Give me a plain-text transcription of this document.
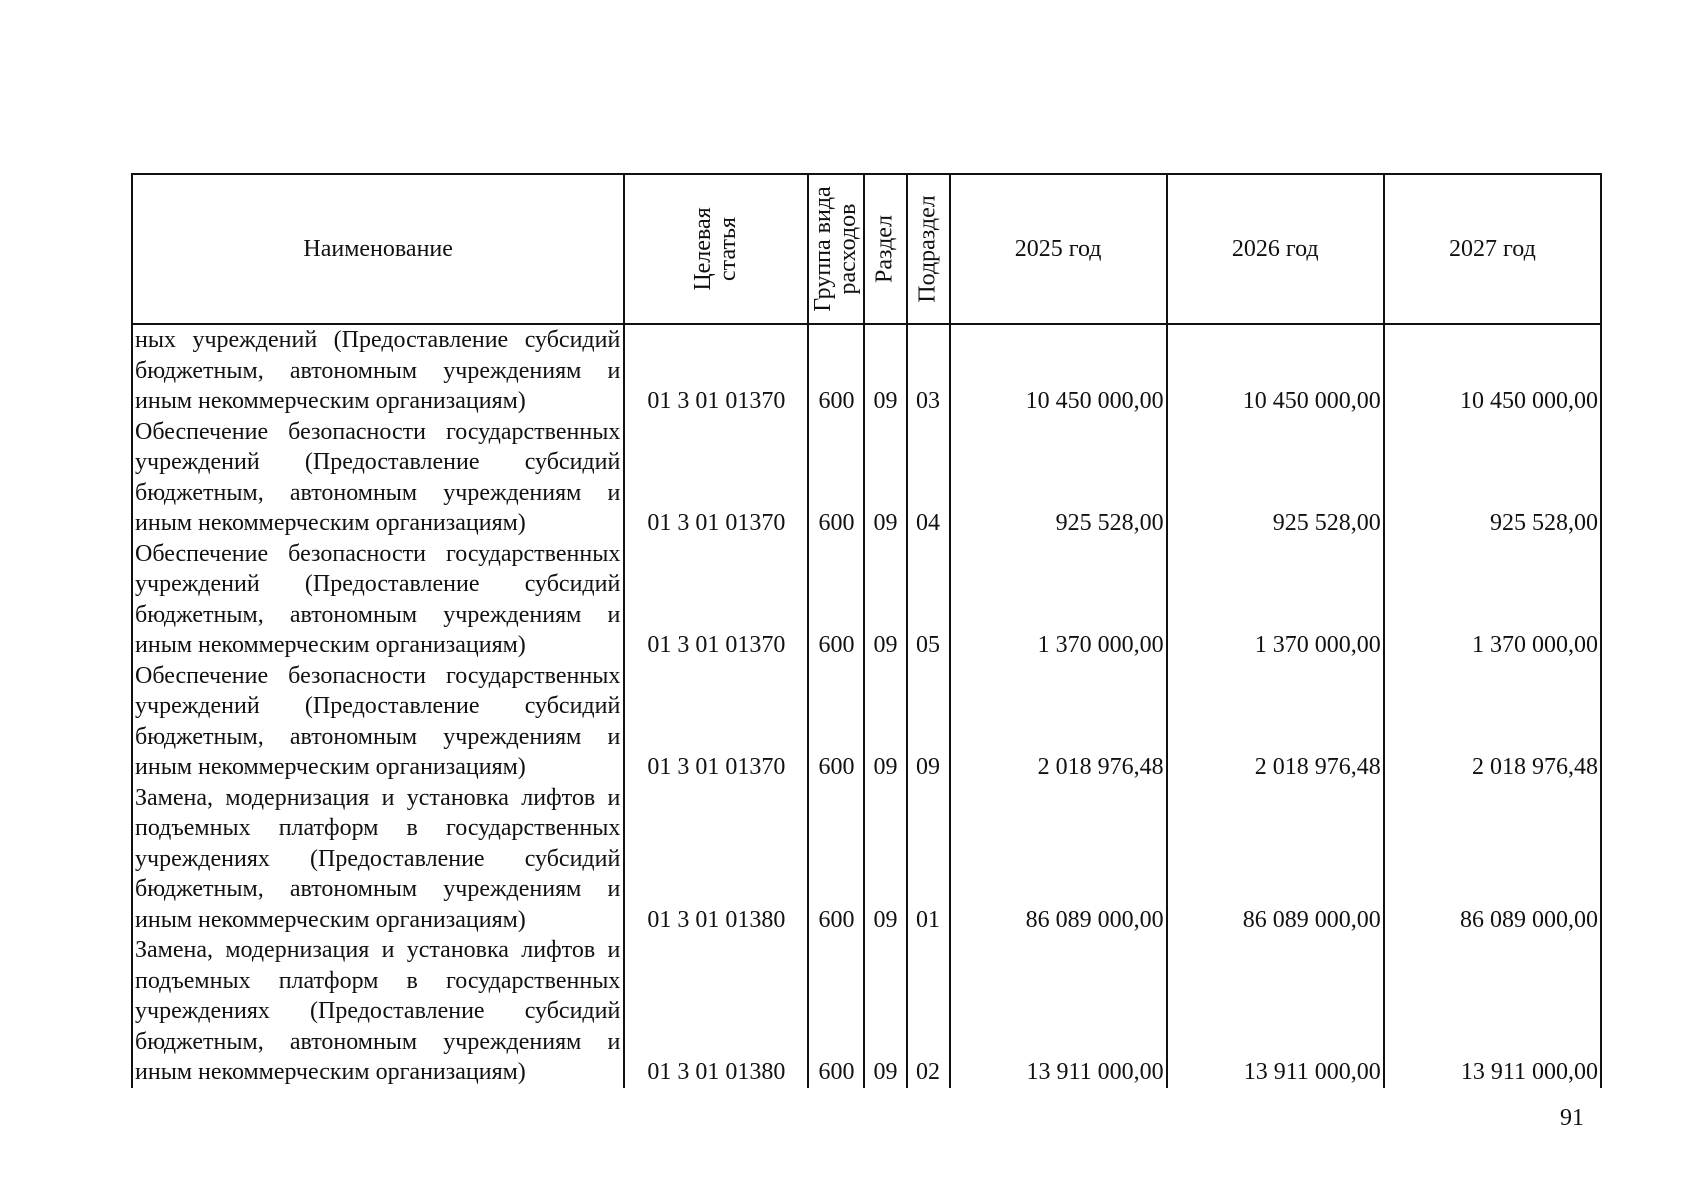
Наименование	Целевая статья	Группа вида расходов	Раздел	Подраздел	2025 год	2026 год	2027 год
ных учреждений (Предоставление субсидий бюджетным, автономным учреждениям и иным некоммерческим организациям)	01 3 01 01370	600	09	03	10 450 000,00	10 450 000,00	10 450 000,00
Обеспечение безопасности государственных учреждений (Предоставление субсидий бюджетным, автономным учреждениям и иным некоммерческим организациям)	01 3 01 01370	600	09	04	925 528,00	925 528,00	925 528,00
Обеспечение безопасности государственных учреждений (Предоставление субсидий бюджетным, автономным учреждениям и иным некоммерческим организациям)	01 3 01 01370	600	09	05	1 370 000,00	1 370 000,00	1 370 000,00
Обеспечение безопасности государственных учреждений (Предоставление субсидий бюджетным, автономным учреждениям и иным некоммерческим организациям)	01 3 01 01370	600	09	09	2 018 976,48	2 018 976,48	2 018 976,48
Замена, модернизация и установка лифтов и подъемных платформ в государственных учреждениях (Предоставление субсидий бюджетным, автономным учреждениям и иным некоммерческим организациям)	01 3 01 01380	600	09	01	86 089 000,00	86 089 000,00	86 089 000,00
Замена, модернизация и установка лифтов и подъемных платформ в государственных учреждениях (Предоставление субсидий бюджетным, автономным учреждениям и иным некоммерческим организациям)	01 3 01 01380	600	09	02	13 911 000,00	13 911 000,00	13 911 000,00
91
